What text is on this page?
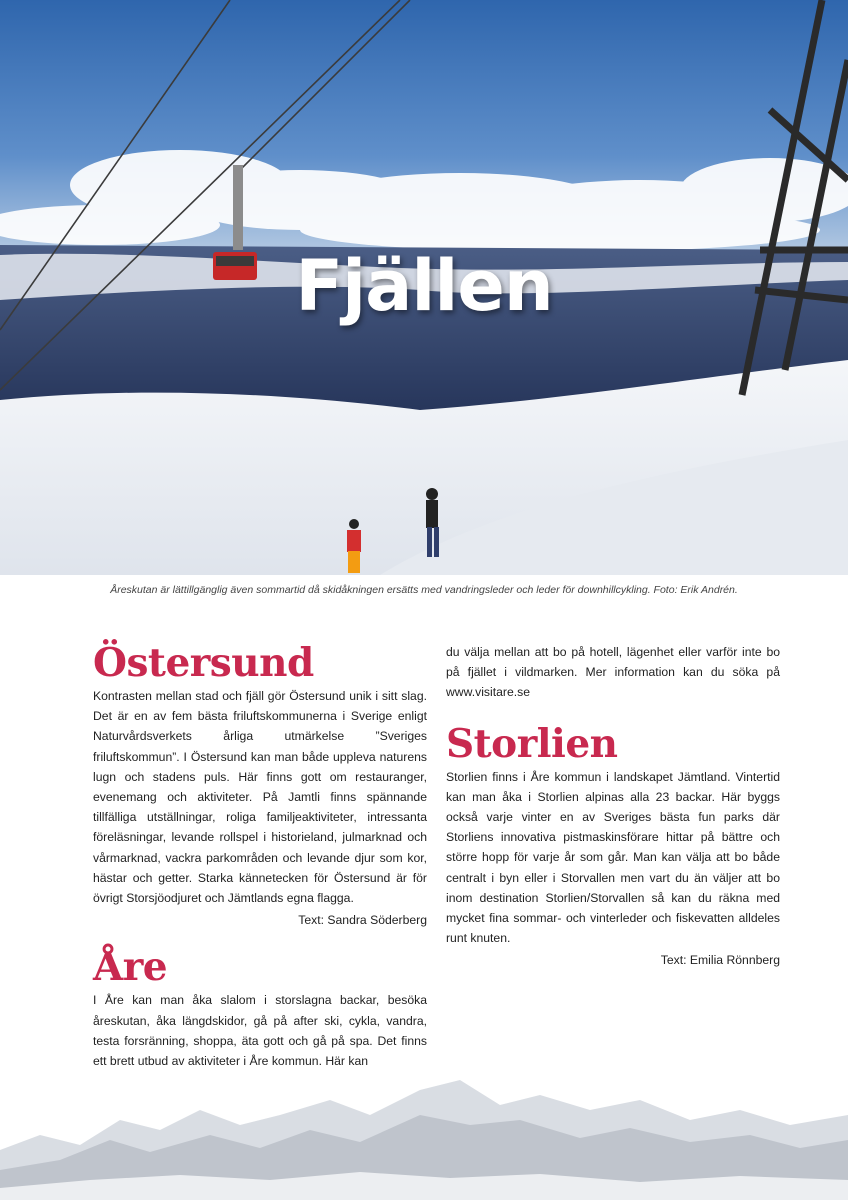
Fjällen
Åreskutan är lättillgänglig även sommartid då skidåkningen ersätts med vandringsleder och leder för downhillcykling. Foto: Erik Andrén.
Östersund

Kontrasten mellan stad och fjäll gör Östersund unik i sitt slag. Det är en av fem bästa friluftskommunerna i Sverige enligt Naturvårdsverkets årliga utmärkelse ”Sveriges friluftskommun”. I Östersund kan man både uppleva naturens lugn och stadens puls. Här finns gott om restauranger, evenemang och aktiviteter. På Jamtli finns spännande tillfälliga utställningar, roliga familjeaktiviteter, intressanta föreläsningar, levande rollspel i historieland, julmarknad och vårmarknad, vackra parkområden och levande djur som kor, hästar och getter. Starka kännetecken för Östersund är för övrigt Storsjöodjuret och Jämtlands egna flagga.

Text: Sandra Söderberg

Åre

I Åre kan man åka slalom i storslagna backar, besöka åreskutan, åka längdskidor, gå på after ski, cykla, vandra, testa forsränning, shoppa, äta gott och gå på spa. Det finns ett brett utbud av aktiviteter i Åre kommun. Här kan

du välja mellan att bo på hotell, lägenhet eller varför inte bo på fjället i vildmarken. Mer information kan du söka på www.visitare.se

Storlien

Storlien finns i Åre kommun i landskapet Jämtland. Vintertid kan man åka i Storlien alpinas alla 23 backar. Här byggs också varje vinter en av Sveriges bästa fun parks där Storliens innovativa pistmaskinsförare hittar på bättre och större hopp för varje år som går. Man kan välja att bo både centralt i byn eller i Storvallen men vart du än väljer att bo inom destination Storlien/Storvallen så kan du räkna med mycket fina sommar- och vinterleder och fiskevatten alldeles runt knuten.

Text: Emilia Rönnberg
